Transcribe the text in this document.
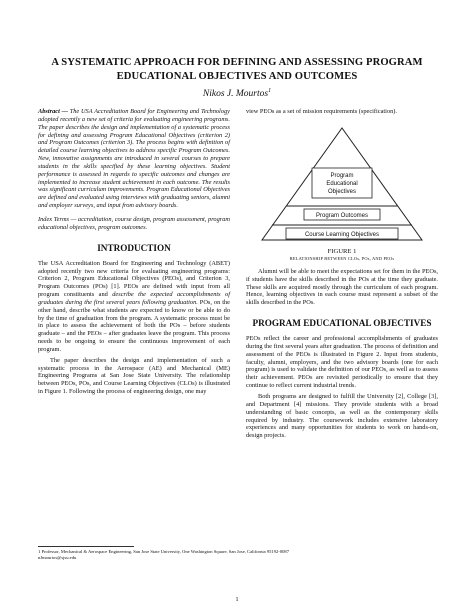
A SYSTEMATIC APPROACH FOR DEFINING AND ASSESSING PROGRAM
EDUCATIONAL OBJECTIVES AND OUTCOMES
Nikos J. Mourtos$^1$

Abstract — The USA Accreditation Board for Engineering and Technology adopted recently a new set of criteria for evaluating engineering programs. The paper describes the design and implementation of a systematic process for defining and assessing Program Educational Objectives (criterion 2) and Program Outcomes (criterion 3). The process begins with definition of detailed course learning objectives to address specific Program Outcomes. New, innovative assignments are introduced in several courses to prepare students in the skills specified by these learning objectives. Student performance is assessed in regards to specific outcomes and changes are implemented to increase student achievement in each outcome. The results was significant curriculum improvements. Program Educational Objectives are defined and evaluated using interviews with graduating seniors, alumni and employer surveys, and input from advisory boards.

Index Terms — accreditation, course design, program assessment, program educational objectives, program outcomes.

INTRODUCTION

The USA Accreditation Board for Engineering and Technology (ABET) adopted recently two new criteria for evaluating engineering programs: Criterion 2, Program Educational Objectives (PEOs), and Criterion 3, Program Outcomes (POs) [1]. PEOs are defined with input from all program constituents and describe the expected accomplishments of graduates during the first several years following graduation. POs, on the other hand, describe what students are expected to know or be able to do by the time of graduation from the program. A systematic process must be in place to assess the achievement of both the POs – before students graduate – and the PEOs – after graduates leave the program. This process needs to be ongoing to ensure the continuous improvement of each program.

The paper describes the design and implementation of such a systematic process in the Aerospace (AE) and Mechanical (ME) Engineering Programs at San Jose State University. The relationship between PEOs, POs, and Course Learning Objectives (CLOs) is illustrated in Figure 1. Following the process of engineering design, one may

view PEOs as a set of mission requirements (specification).

Program
Educational
Objectives
Program Outcomes
Course Learning Objectives
FIGURE 1
RELATIONSHIP BETWEEN CLOs, POs, AND PEOs

Alumni will be able to meet the expectations set for them in the PEOs, if students have the skills described in the POs at the time they graduate. These skills are acquired mostly through the curriculum of each program. Hence, learning objectives in each course must represent a subset of the skills described in the POs.

PROGRAM EDUCATIONAL OBJECTIVES

PEOs reflect the career and professional accomplishments of graduates during the first several years after graduation. The process of definition and assessment of the PEOs is illustrated in Figure 2. Input from students, faculty, alumni, employers, and the two advisory boards (one for each program) is used to validate the definition of our PEOs, as well as to assess their achievement. PEOs are revisited periodically to ensure that they continue to reflect current industrial trends.

Both programs are designed to fulfill the University [2], College [3], and Department [4] missions. They provide students with a broad understanding of basic concepts, as well as the contemporary skills required by industry. The coursework includes extensive laboratory experiences and many opportunities for students to work on hands-on, design projects.

1 Professor, Mechanical & Aerospace Engineering, San Jose State University, One Washington Square, San Jose, California 95192-0087
nJmourtos@sjsu.edu
1
